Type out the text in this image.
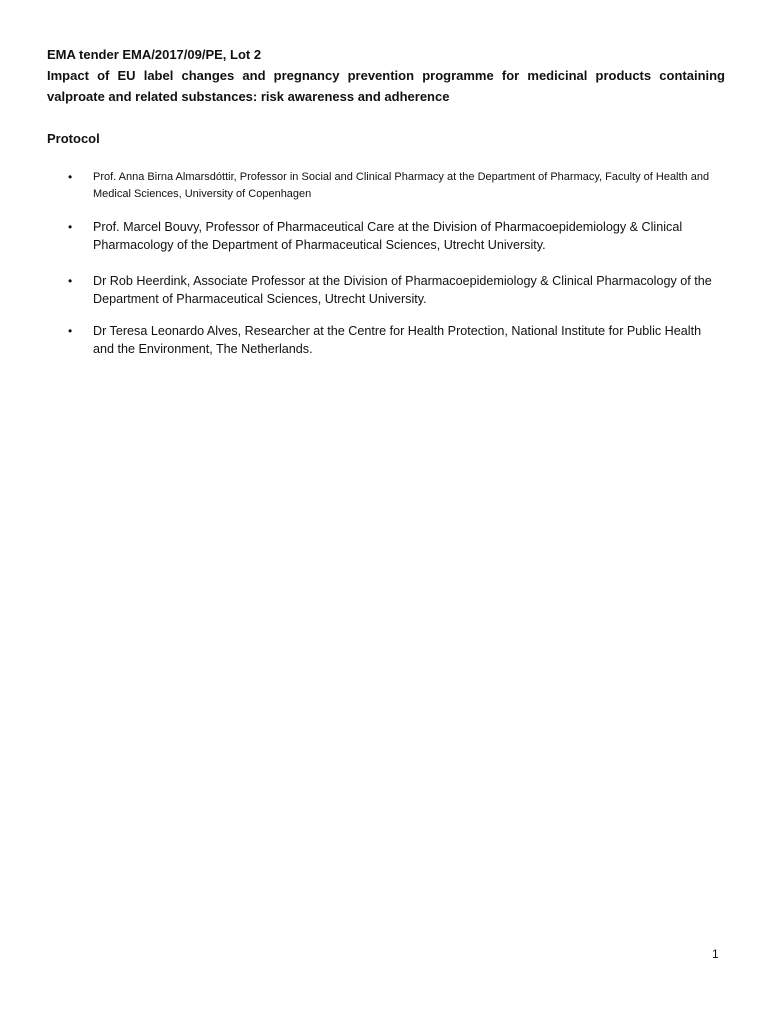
EMA tender EMA/2017/09/PE, Lot 2
Impact of EU label changes and pregnancy prevention programme for medicinal products containing valproate and related substances: risk awareness and adherence
Protocol
• Prof. Anna Birna Almarsdóttir, Professor in Social and Clinical Pharmacy at the Department of Pharmacy, Faculty of Health and Medical Sciences, University of Copenhagen
• Prof. Marcel Bouvy, Professor of Pharmaceutical Care at the Division of Pharmacoepidemiology & Clinical Pharmacology of the Department of Pharmaceutical Sciences, Utrecht University.
• Dr Rob Heerdink, Associate Professor at the Division of Pharmacoepidemiology & Clinical Pharmacology of the Department of Pharmaceutical Sciences, Utrecht University.
• Dr Teresa Leonardo Alves, Researcher at the Centre for Health Protection, National Institute for Public Health and the Environment, The Netherlands.
1
